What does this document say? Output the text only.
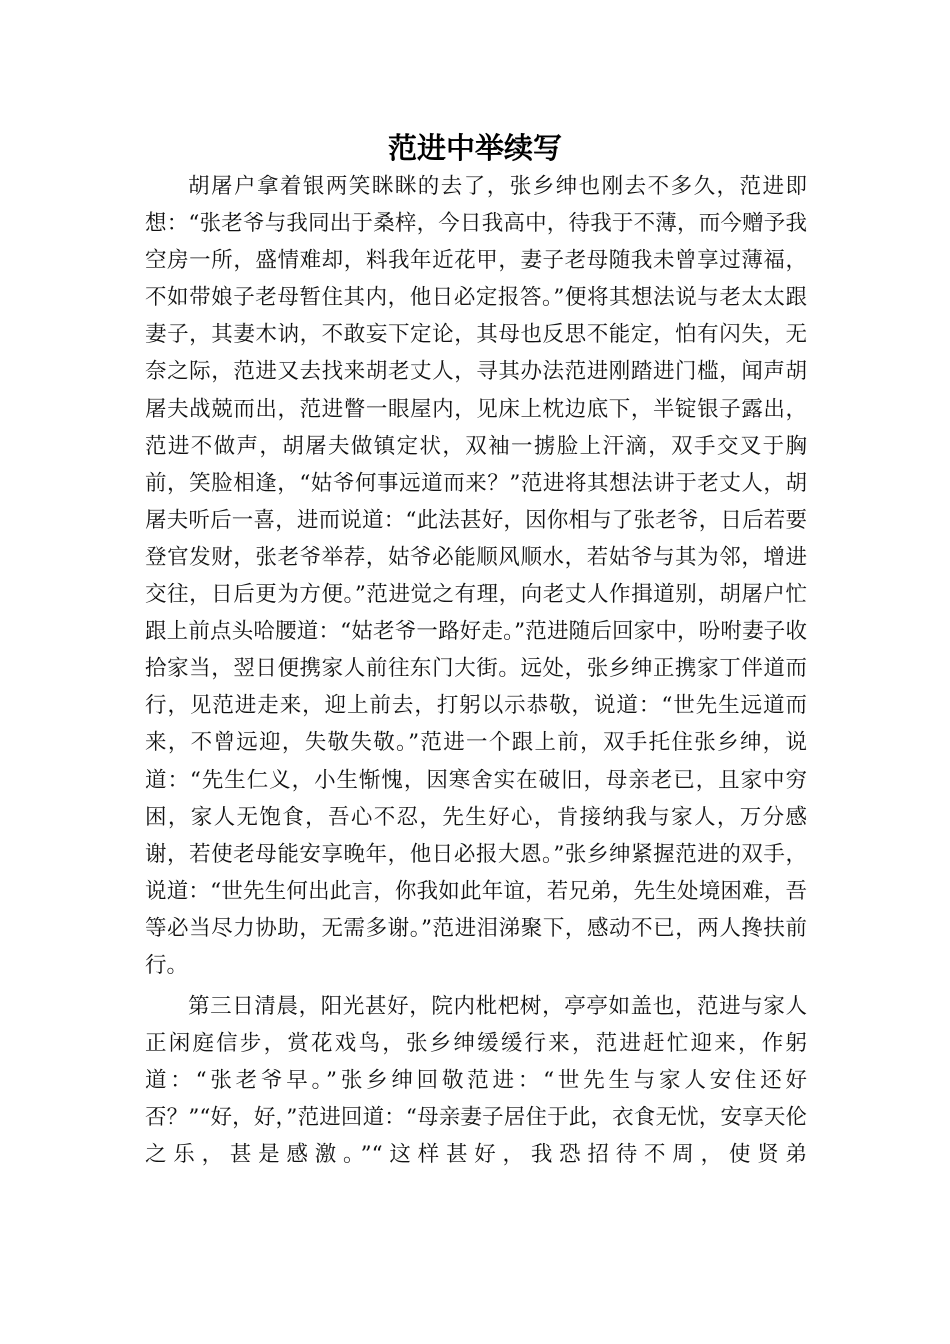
范进中举续写

胡屠户拿着银两笑眯眯的去了，张乡绅也刚去不多久，范进即想：“张老爷与我同出于桑梓，今日我高中，待我于不薄，而今赠予我空房一所，盛情难却，料我年近花甲，妻子老母随我未曾享过薄福，不如带娘子老母暂住其内，他日必定报答。”便将其想法说与老太太跟妻子，其妻木讷，不敢妄下定论，其母也反思不能定，怕有闪失，无奈之际，范进又去找来胡老丈人，寻其办法范进刚踏进门槛，闻声胡屠夫战兢而出，范进瞥一眼屋内，见床上枕边底下，半锭银子露出，范进不做声，胡屠夫做镇定状，双袖一掳脸上汗滴，双手交叉于胸前，笑脸相逢，“姑爷何事远道而来？”范进将其想法讲于老丈人，胡屠夫听后一喜，进而说道：“此法甚好，因你相与了张老爷，日后若要登官发财，张老爷举荐，姑爷必能顺风顺水，若姑爷与其为邻，增进交往，日后更为方便。”范进觉之有理，向老丈人作揖道别，胡屠户忙跟上前点头哈腰道：“姑老爷一路好走。”范进随后回家中，吩咐妻子收拾家当，翌日便携家人前往东门大街。远处，张乡绅正携家丁伴道而行，见范进走来，迎上前去，打躬以示恭敬，说道：“世先生远道而来，不曾远迎，失敬失敬。”范进一个跟上前，双手托住张乡绅，说道：“先生仁义，小生惭愧，因寒舍实在破旧，母亲老已，且家中穷困，家人无饱食，吾心不忍，先生好心，肯接纳我与家人，万分感谢，若使老母能安享晚年，他日必报大恩。”张乡绅紧握范进的双手，说道：“世先生何出此言，你我如此年谊，若兄弟，先生处境困难，吾等必当尽力协助，无需多谢。”范进泪涕聚下，感动不已，两人搀扶前行。

第三日清晨，阳光甚好，院内枇杷树，亭亭如盖也，范进与家人正闲庭信步，赏花戏鸟，张乡绅缓缓行来，范进赶忙迎来，作躬道：“张老爷早。”张乡绅回敬范进：“世先生与家人安住还好否？”“好，好，”范进回道：“母亲妻子居住于此，衣食无忧，安享天伦之乐，甚是感激。”“这样甚好，我恐招待不周，使贤弟
